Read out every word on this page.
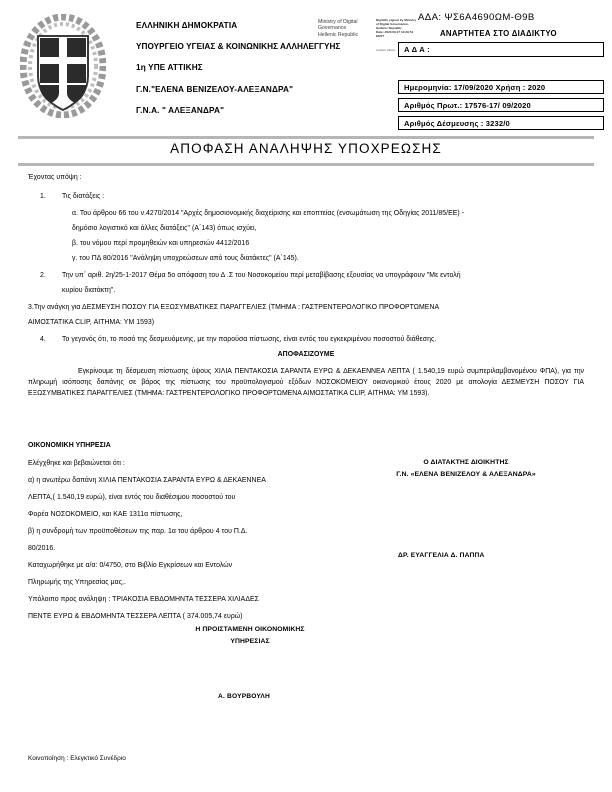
ΕΛΛΗΝΙΚΗ ΔΗΜΟΚΡΑΤΙΑ
ΥΠΟΥΡΓΕΙΟ ΥΓΕΙΑΣ & ΚΟΙΝΩΝΙΚΗΣ ΑΛΛΗΛΕΓΓΥΗΣ
1η ΥΠΕ ΑΤΤΙΚΗΣ
Γ.Ν."ΕΛΕΝΑ ΒΕΝΙΖΕΛΟΥ-ΑΛΕΞΑΝΔΡΑ"
Γ.Ν.Α. " ΑΛΕΞΑΝΔΡΑ"
Ministry of Digital
Governance
Hellenic Republic
Digitally signed by Ministry
of Digital Governance,
Hellenic Republic
Date: 2020.09.17 13:29:51
EEST
Location: Athens
ΑΔΑ: ΨΣ6Α4690ΩΜ-Θ9Β
ΑΝΑΡΤΗΤΕΑ ΣΤΟ ΔΙΑΔΙΚΤΥΟ
Α Δ Α :
Ημερομηνία: 17/09/2020 Χρήση : 2020
Αριθμός Πρωτ.: 17576-17/ 09/2020
Αριθμός Δέσμευσης : 3232/0
ΑΠΟΦΑΣΗ ΑΝΑΛΗΨΗΣ ΥΠΟΧΡΕΩΣΗΣ
Έχοντας υπόψη :
1. Τις διατάξεις :
α. Του άρθρου 66 του ν.4270/2014 "Αρχές δημοσιονομικής διαχείρισης και επoπτείας (ενσωμάτωση της Οδηγίας 2011/85/ΕΕ) -
δημόσιο λογιστικό και άλλες διατάξεις" (Α΄143) όπως ισχύει,
β. του νόμου περί προμηθειών και υπηρεσιών 4412/2016
γ. του ΠΔ 80/2016 "Ανάληψη υποχρεώσεων από τους διατάκτες" (Α΄145).
2. Την υπ΄ αριθ. 2η/25-1-2017 Θέμα 5ο απόφαση του Δ .Σ του Νοσοκομείου περί μεταβίβασης εξουσίας να υπογράφουν "Με εντολή
κυρίου διατάκτη".
3.Την ανάγκη για ΔΕΣΜΕΥΣΗ ΠΟΣΟΥ ΓΙΑ ΕΞΩΣΥΜΒΑΤΙΚΕΣ ΠΑΡΑΓΓΕΛΙΕΣ (ΤΜΗΜΑ : ΓΑΣΤΡΕΝΤΕΡΟΛΟΓΙΚΟ ΠΡΟΦΟΡΤΩΜΕΝΑ
ΑΙΜΟΣΤΑΤΙΚΑ CLIP, ΑΙΤΗΜΑ: ΥΜ 1593)
4. Το γεγονός ότι, το ποσό της δεσμευόμενης, με την παρούσα πίστωσης, είναι εντός του εγκεκριμένου ποσοστού διάθεσης.
ΑΠΟΦΑΣΙΖΟΥΜΕ
Εγκρίνουμε τη δέσμευση πίστωσης ύψους ΧΙΛΙΑ ΠΕΝΤΑΚΟΣΙΑ ΣΑΡΑΝΤΑ ΕΥΡΩ & ΔΕΚΑΕΝΝΕΑ ΛΕΠΤΑ ( 1.540,19 ευρώ συμπεριλαμβανομένου ΦΠΑ), για την πληρωμή ισόποσης δαπάνης σε βάρος της πίστωσης του προϋπολογισμού εξόδων ΝΟΣΟΚΟΜΕΙΟΥ οικονομικού έτους 2020 με απολογία ΔΕΣΜΕΥΣΗ ΠΟΣΟΥ ΓΙΑ ΕΞΩΣΥΜΒΑΤΙΚΕΣ ΠΑΡΑΓΓΕΛΙΕΣ (ΤΜΗΜΑ: ΓΑΣΤΡΕΝΤΕΡΟΛΟΓΙΚΟ ΠΡΟΦΟΡΤΩΜΕΝΑ ΑΙΜΟΣΤΑΤΙΚΑ CLIP, ΑΙΤΗΜΑ: ΥΜ 1593).
ΟΙΚΟΝΟΜΙΚΗ ΥΠΗΡΕΣΙΑ
Ελέγχθηκε και βεβαιώνεται ότι :
α) η ανωτέρω δαπάνη ΧΙΛΙΑ ΠΕΝΤΑΚΟΣΙΑ ΣΑΡΑΝΤΑ ΕΥΡΩ & ΔΕΚΑΕΝΝΕΑ
ΛΕΠΤΑ,( 1.540,19 ευρώ), είναι εντός του διαθέσιμου ποσοστού του
Φορέα ΝΟΣΟΚΟΜΕΙΟ, και ΚΑΕ 1311α πίστωσης,
β) η συνδρομή των προϋποθέσεων της παρ. 1α του άρθρου 4 του Π.Δ.
80/2016.
Καταχωρήθηκε με α/α: 0/4750, στο Βιβλίο Εγκρίσεων και Εντολών
Πληρωμής της Υπηρεσίας μας,.
Υπόλοιπο προς ανάληψη : ΤΡΙΑΚΟΣΙΑ ΕΒΔΟΜΗΝΤΑ ΤΕΣΣΕΡΑ ΧΙΛΙΑΔΕΣ
ΠΕΝΤΕ ΕΥΡΩ & ΕΒΔΟΜΗΝΤΑ ΤΕΣΣΕΡΑ ΛΕΠΤΑ ( 374.005,74 ευρώ)
Ο ΔΙΑΤΑΚΤΗΣ ΔΙΟΙΚΗΤΗΣ
Γ.Ν. «ΕΛΕΝΑ ΒΕΝΙΖΕΛΟΥ & ΑΛΕΞΑΝΔΡΑ»
ΔΡ. ΕΥΑΓΓΕΛΙΑ Δ. ΠΑΠΠΑ
Η ΠΡΟΙΣΤΑΜΕΝΗ ΟΙΚΟΝΟΜΙΚΗΣ
ΥΠΗΡΕΣΙΑΣ
Α. ΒΟΥΡΒΟΥΛΗ
Κοινοποίηση : Ελεγκτικό Συνέδριο
